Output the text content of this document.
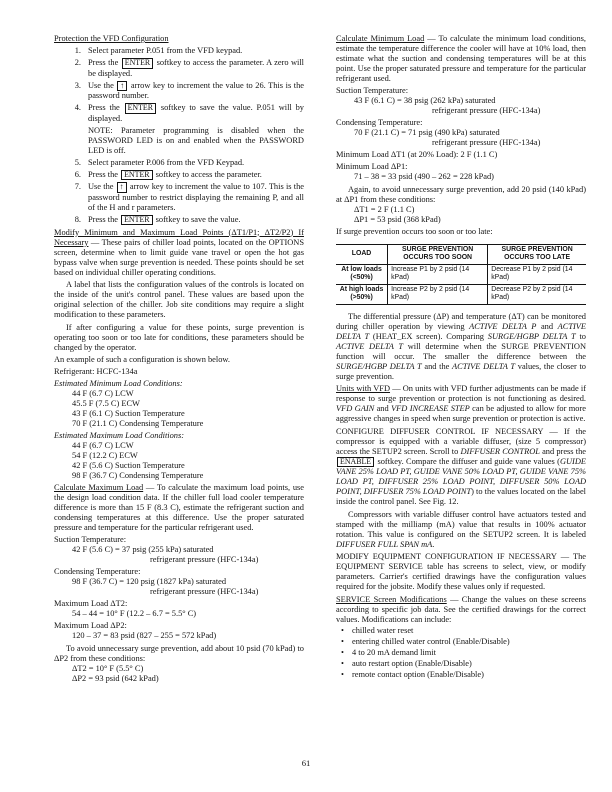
Protection the VFD Configuration
1. Select parameter P.051 from the VFD keypad.
2. Press the ENTER softkey to access the parameter. A zero will be displayed.
3. Use the ↑ arrow key to increment the value to 26. This is the password number.
4. Press the ENTER softkey to save the value. P.051 will by displayed.
NOTE: Parameter programming is disabled when the PASSWORD LED is on and enabled when the PASSWORD LED is off.
5. Select parameter P.006 from the VFD Keypad.
6. Press the ENTER softkey to access the parameter.
7. Use the ↑ arrow key to increment the value to 107. This is the password number to restrict displaying the remaining P, and all of the H and r parameters.
8. Press the ENTER softkey to save the value.
Modify Minimum and Maximum Load Points (ΔT1/P1; ΔT2/P2) If Necessary — These pairs of chiller load points, located on the OPTIONS screen, determine when to limit guide vane travel or open the hot gas bypass valve when surge prevention is needed. These points should be set based on individual chiller operating conditions.
A label that lists the configuration values of the controls is located on the inside of the unit's control panel. These values are based upon the original selection of the chiller. Job site conditions may require a slight modification to these parameters.
If after configuring a value for these points, surge prevention is operating too soon or too late for conditions, these parameters should be changed by the operator.
An example of such a configuration is shown below.
Refrigerant: HCFC-134a
Estimated Minimum Load Conditions:
44 F (6.7 C) LCW
45.5 F (7.5 C) ECW
43 F (6.1 C) Suction Temperature
70 F (21.1 C) Condensing Temperature
Estimated Maximum Load Conditions:
44 F (6.7 C) LCW
54 F (12.2 C) ECW
42 F (5.6 C) Suction Temperature
98 F (36.7 C) Condensing Temperature
Calculate Maximum Load — To calculate the maximum load points, use the design load condition data. If the chiller full load cooler temperature difference is more than 15 F (8.3 C), estimate the refrigerant suction and condensing temperatures at this difference. Use the proper saturated pressure and temperature for the particular refrigerant used.
Suction Temperature:
42 F (5.6 C) = 37 psig (255 kPa) saturated
refrigerant pressure (HFC-134a)
Condensing Temperature:
98 F (36.7 C) = 120 psig (1827 kPa) saturated
refrigerant pressure (HFC-134a)
Maximum Load ΔT2:
54 – 44 = 10° F (12.2 – 6.7 = 5.5° C)
Maximum Load ΔP2:
120 – 37 = 83 psid (827 – 255 = 572 kPad)
To avoid unnecessary surge prevention, add about 10 psid (70 kPad) to ΔP2 from these conditions:
ΔT2 = 10° F (5.5° C)
ΔP2 = 93 psid (642 kPad)
Calculate Minimum Load — To calculate the minimum load conditions, estimate the temperature difference the cooler will have at 10% load, then estimate what the suction and condensing temperatures will be at this point. Use the proper saturated pressure and temperature for the particular refrigerant used.
Suction Temperature:
43 F (6.1 C) = 38 psig (262 kPa) saturated
refrigerant pressure (HFC-134a)
Condensing Temperature:
70 F (21.1 C) = 71 psig (490 kPa) saturated
refrigerant pressure (HFC-134a)
Minimum Load ΔT1 (at 20% Load): 2 F (1.1 C)
Minimum Load ΔP1:
71 – 38 = 33 psid (490 – 262 = 228 kPad)
Again, to avoid unnecessary surge prevention, add 20 psid (140 kPad) at ΔP1 from these conditions:
ΔT1 = 2 F (1.1 C)
ΔP1 = 53 psid (368 kPad)
If surge prevention occurs too soon or too late:
LOAD	SURGE PREVENTION OCCURS TOO SOON	SURGE PREVENTION OCCURS TOO LATE
At low loads (<50%)	Increase P1 by 2 psid (14 kPad)	Decrease P1 by 2 psid (14 kPad)
At high loads (>50%)	Increase P2 by 2 psid (14 kPad)	Decrease P2 by 2 psid (14 kPad)
The differential pressure (ΔP) and temperature (ΔT) can be monitored during chiller operation by viewing ACTIVE DELTA P and ACTIVE DELTA T (HEAT_EX screen). Comparing SURGE/HGBP DELTA T to ACTIVE DELTA T will determine when the SURGE PREVENTION function will occur. The smaller the difference between the SURGE/HGBP DELTA T and the ACTIVE DELTA T values, the closer to surge prevention.
Units with VFD — On units with VFD further adjustments can be made if response to surge prevention or protection is not functioning as desired. VFD GAIN and VFD INCREASE STEP can be adjusted to allow for more aggressive changes in speed when surge prevention or protection is active.
CONFIGURE DIFFUSER CONTROL IF NECESSARY — If the compressor is equipped with a variable diffuser, (size 5 compressor) access the SETUP2 screen. Scroll to DIFFUSER CONTROL and press the ENABLE softkey. Compare the diffuser and guide vane values (GUIDE VANE 25% LOAD PT, GUIDE VANE 50% LOAD PT, GUIDE VANE 75% LOAD PT, DIFFUSER 25% LOAD POINT, DIFFUSER 50% LOAD POINT, DIFFUSER 75% LOAD POINT) to the values located on the label inside the control panel. See Fig. 12.
Compressors with variable diffuser control have actuators tested and stamped with the milliamp (mA) value that results in 100% actuator rotation. This value is configured on the SETUP2 screen. It is labeled DIFFUSER FULL SPAN mA.
MODIFY EQUIPMENT CONFIGURATION IF NECESSARY — The EQUIPMENT SERVICE table has screens to select, view, or modify parameters. Carrier's certified drawings have the configuration values required for the jobsite. Modify these values only if requested.
SERVICE Screen Modifications — Change the values on these screens according to specific job data. See the certified drawings for the correct values. Modifications can include:
• chilled water reset
• entering chilled water control (Enable/Disable)
• 4 to 20 mA demand limit
• auto restart option (Enable/Disable)
• remote contact option (Enable/Disable)
61
